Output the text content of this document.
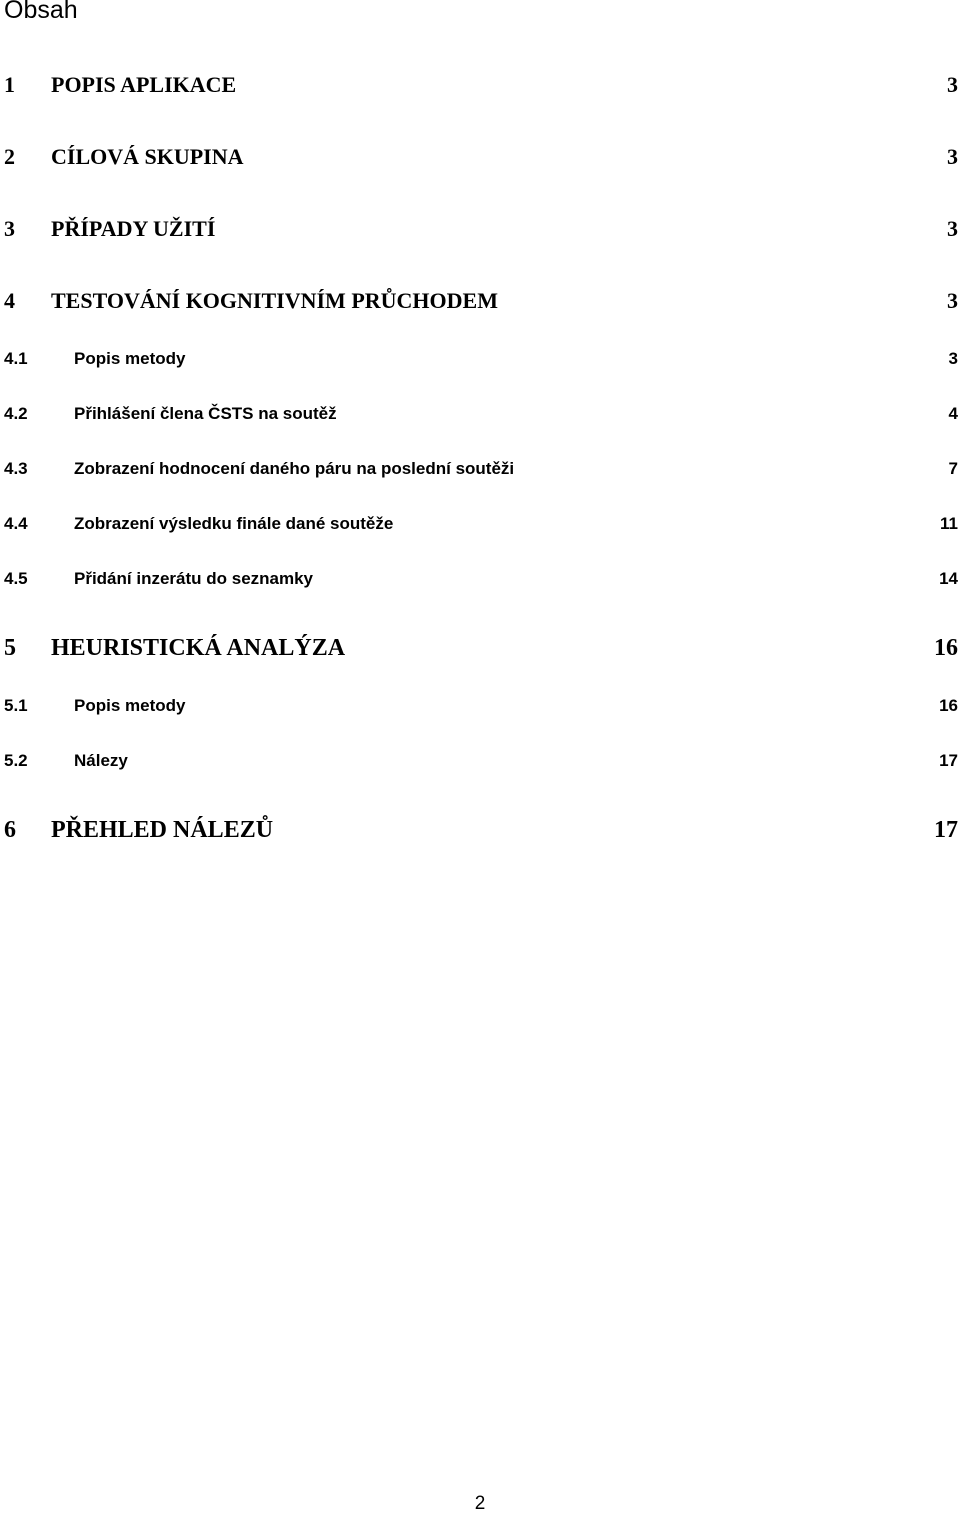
Obsah
1	POPIS APLIKACE	3
2	CÍLOVÁ SKUPINA	3
3	PŘÍPADY UŽITÍ	3
4	TESTOVÁNÍ KOGNITIVNÍM PRŮCHODEM	3
4.1	Popis metody	3
4.2	Přihlášení člena ČSTS na soutěž	4
4.3	Zobrazení hodnocení daného páru na poslední soutěži	7
4.4	Zobrazení výsledku finále dané soutěže	11
4.5	Přidání inzerátu do seznamky	14
5	HEURISTICKÁ ANALÝZA	16
5.1	Popis metody	16
5.2	Nálezy	17
6	PŘEHLED NÁLEZŮ	17
2
